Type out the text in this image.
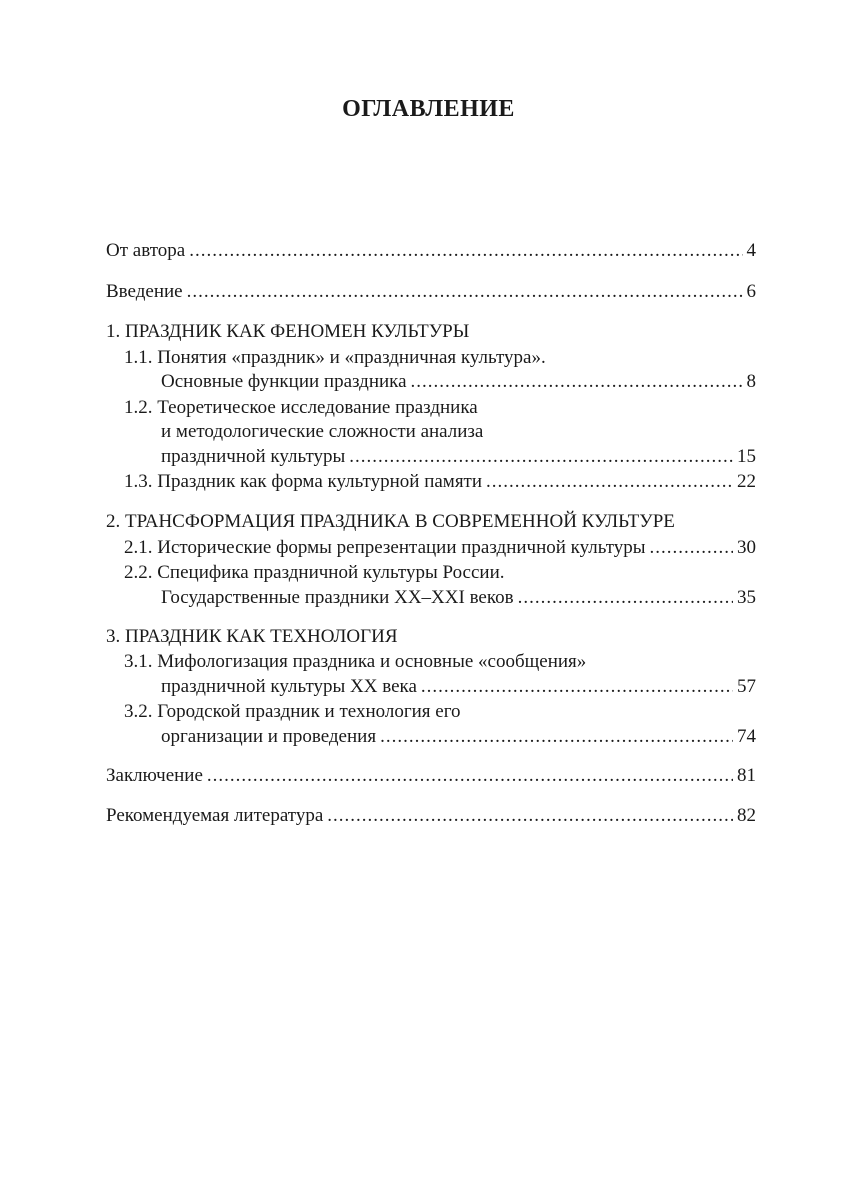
ОГЛАВЛЕНИЕ
От автора .....	4
Введение .....	6
1. ПРАЗДНИК КАК ФЕНОМЕН КУЛЬТУРЫ
1.1. Понятия «праздник» и «праздничная культура».
Основные функции праздника .....	8
1.2. Теоретическое исследование праздника
и методологические сложности анализа
праздничной культуры .....	15
1.3. Праздник как форма культурной памяти .....	22
2. ТРАНСФОРМАЦИЯ ПРАЗДНИКА В СОВРЕМЕННОЙ КУЛЬТУРЕ
2.1. Исторические формы репрезентации праздничной культуры .....	30
2.2. Специфика праздничной культуры России.
Государственные праздники XX–XXI веков .....	35
3. ПРАЗДНИК КАК ТЕХНОЛОГИЯ
3.1. Мифологизация праздника и основные «сообщения»
праздничной культуры XX века .....	57
3.2. Городской праздник и технология его
организации и проведения .....	74
Заключение .....	81
Рекомендуемая литература .....	82
